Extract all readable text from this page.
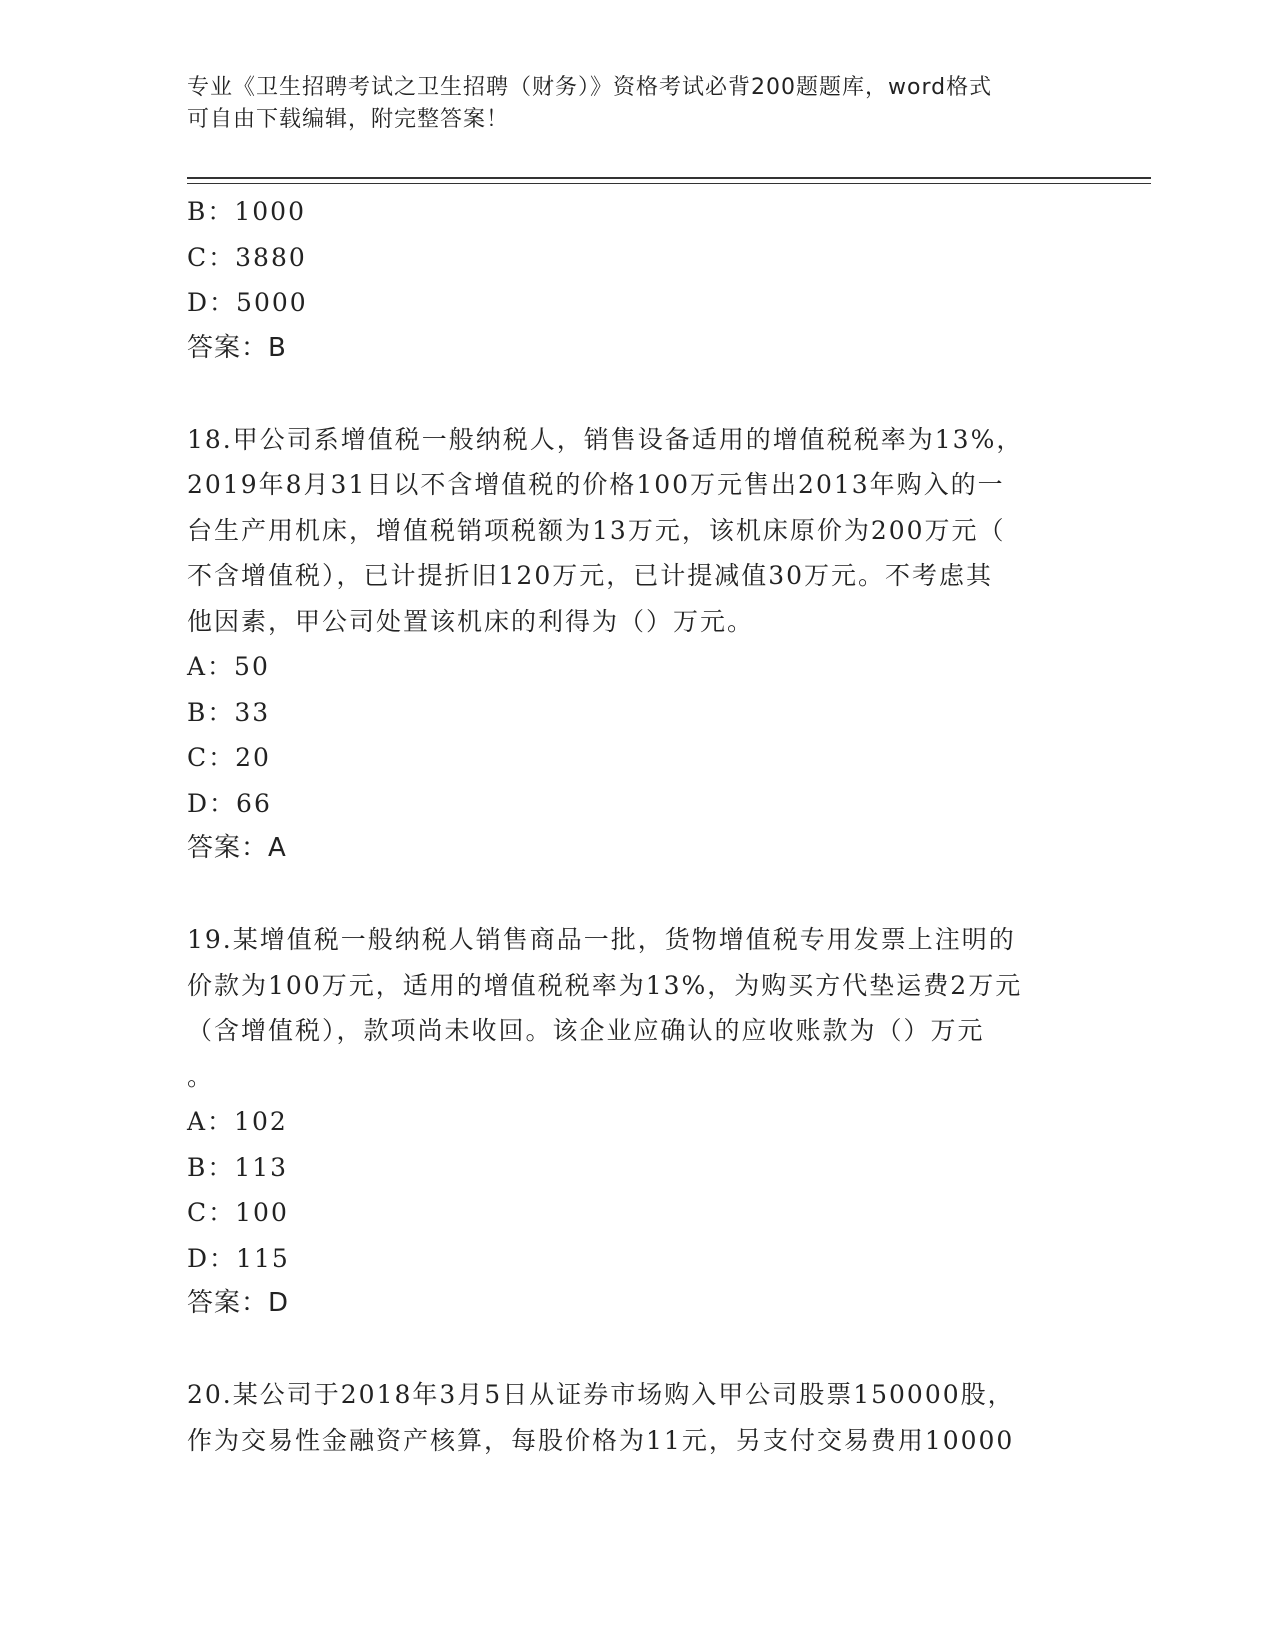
专业《卫生招聘考试之卫生招聘（财务）》资格考试必背200题题库，word格式
可自由下载编辑，附完整答案！
B：1000
C：3880
D：5000
答案：B
18.甲公司系增值税一般纳税人，销售设备适用的增值税税率为13%，
2019年8月31日以不含增值税的价格100万元售出2013年购入的一
台生产用机床，增值税销项税额为13万元，该机床原价为200万元（
不含增值税），已计提折旧120万元，已计提减值30万元。不考虑其
他因素，甲公司处置该机床的利得为（）万元。
A：50
B：33
C：20
D：66
答案：A
19.某增值税一般纳税人销售商品一批，货物增值税专用发票上注明的
价款为100万元，适用的增值税税率为13%，为购买方代垫运费2万元
（含增值税），款项尚未收回。该企业应确认的应收账款为（）万元
。
A：102
B：113
C：100
D：115
答案：D
20.某公司于2018年3月5日从证券市场购入甲公司股票150000股，
作为交易性金融资产核算，每股价格为11元，另支付交易费用10000
